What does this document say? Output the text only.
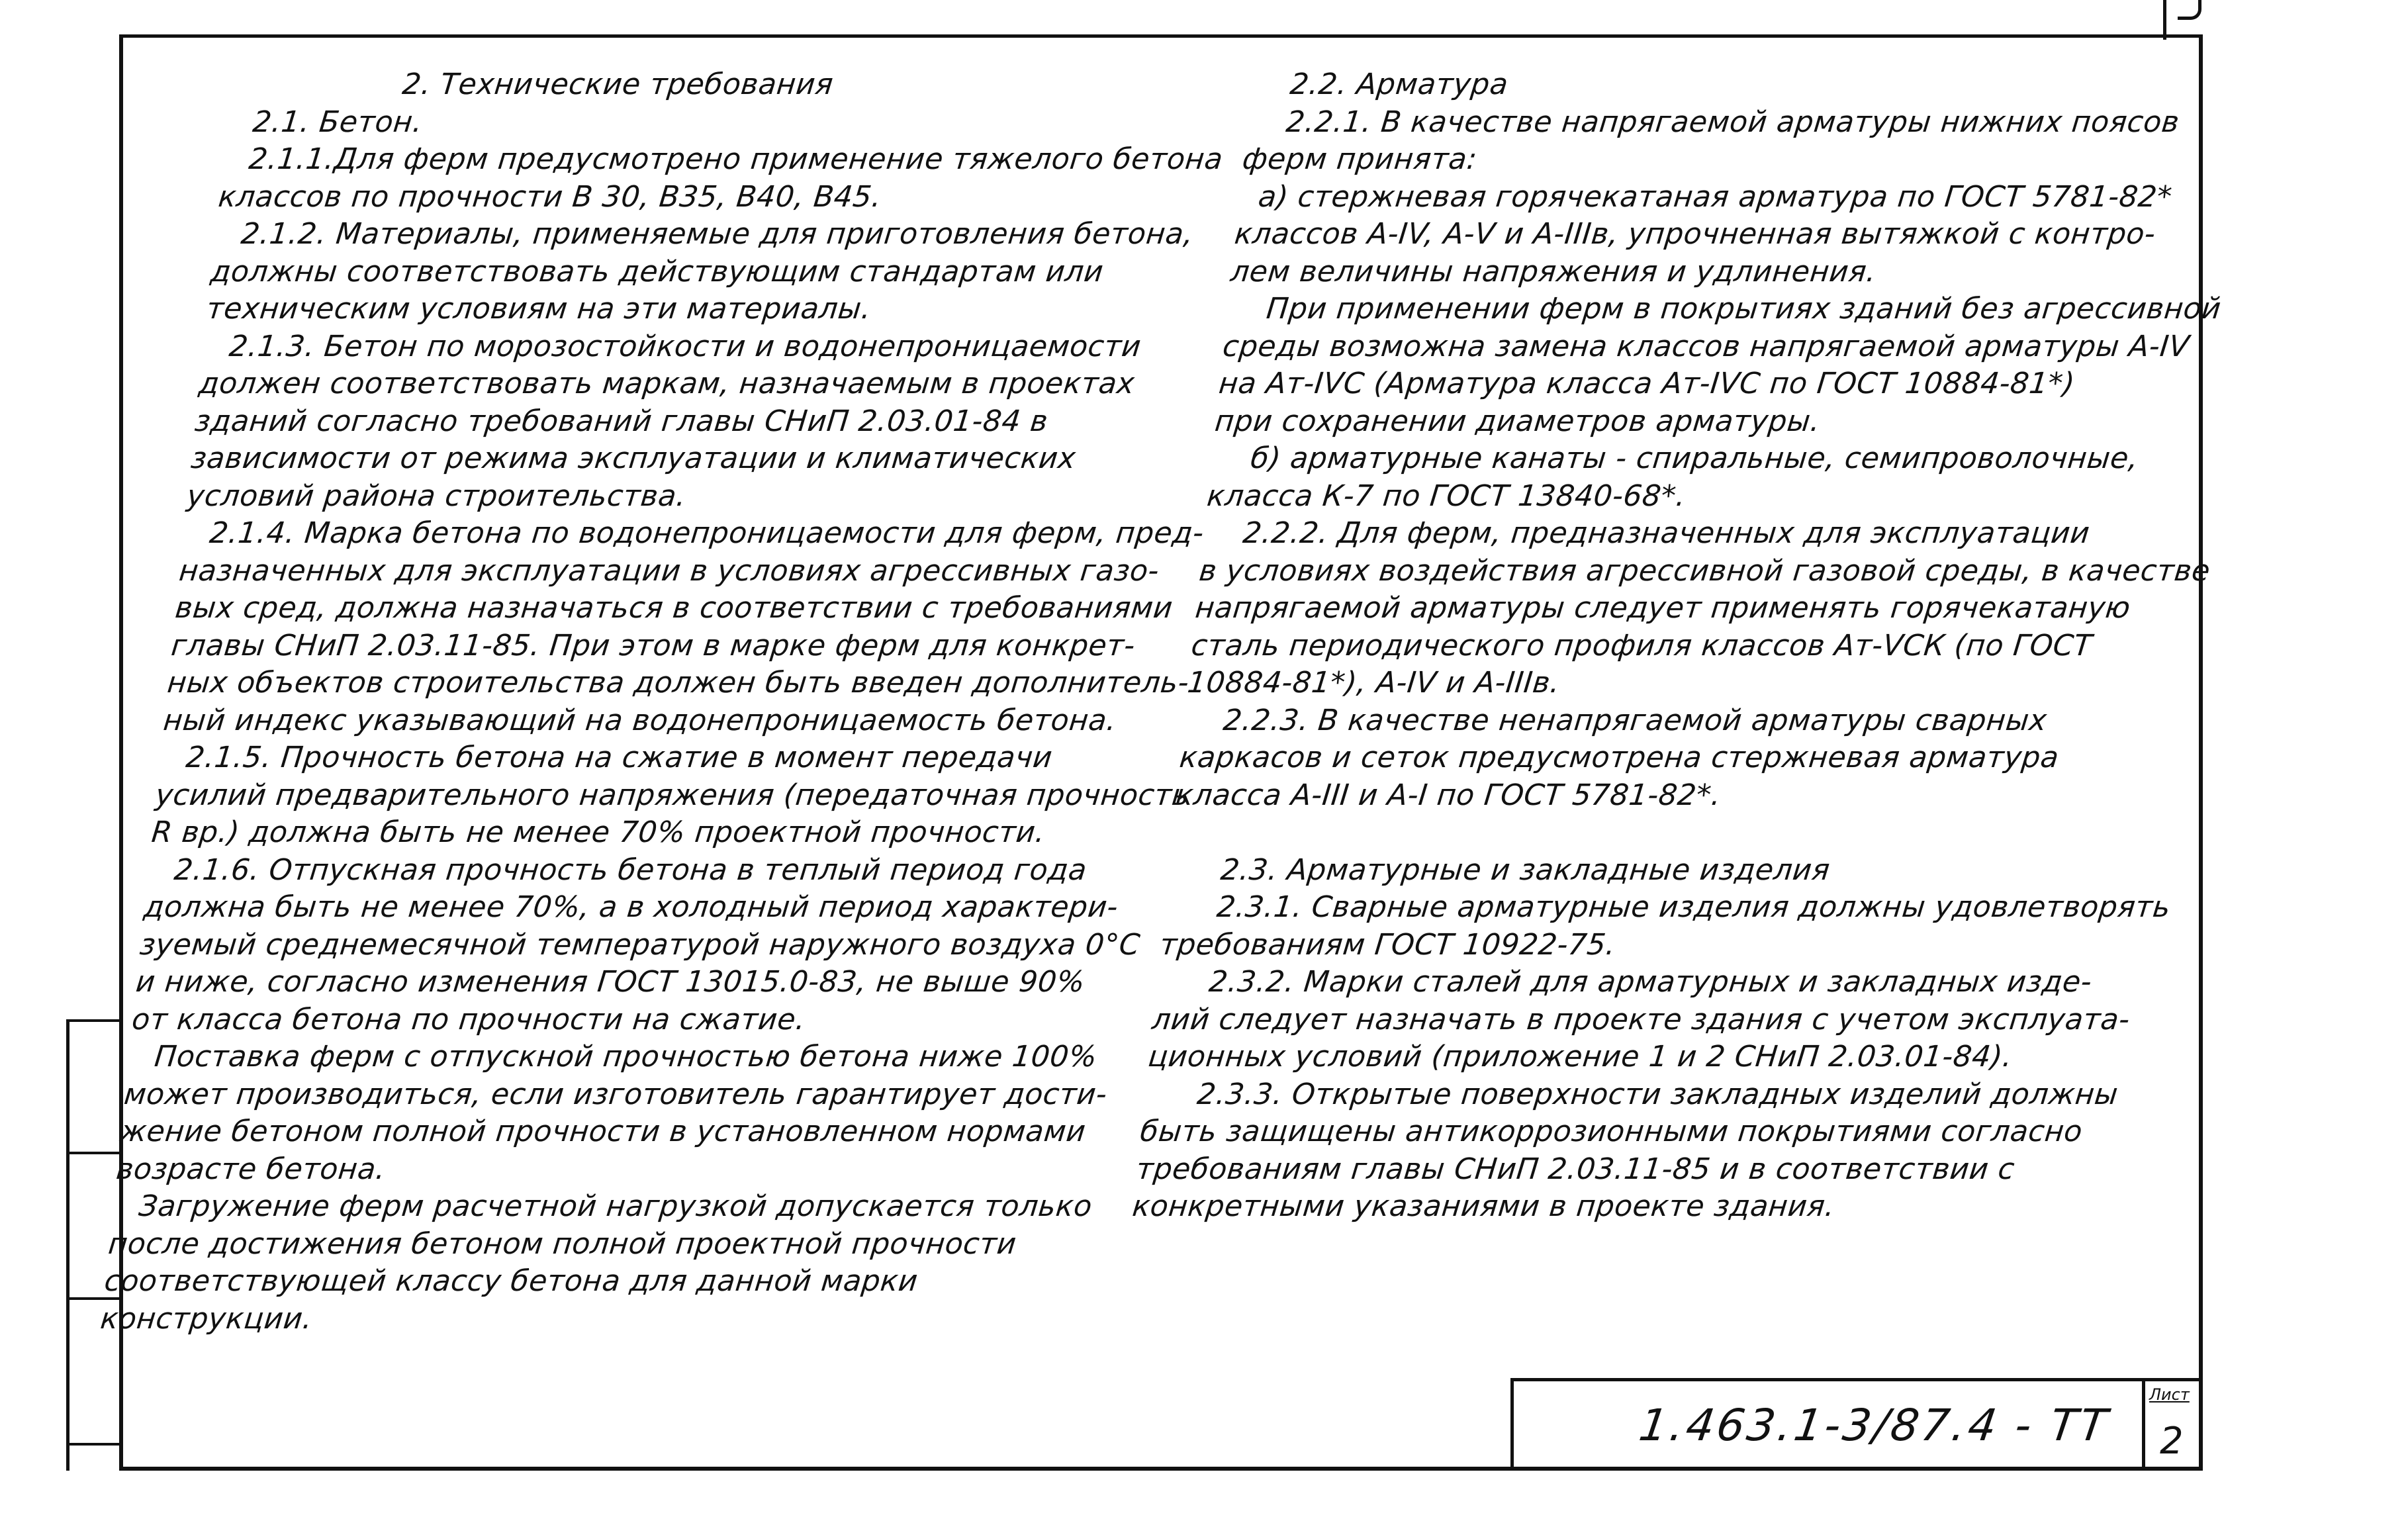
2. Технические требования
2.1. Бетон.
2.1.1.Для ферм предусмотрено применение тяжелого бетона
классов по прочности В 30, В35, В40, В45.
2.1.2. Материалы, применяемые для приготовления бетона,
должны соответствовать действующим стандартам или
техническим условиям на эти материалы.
2.1.3. Бетон по морозостойкости и водонепроницаемости
должен соответствовать маркам, назначаемым в проектах
зданий согласно требований главы СНиП 2.03.01-84 в
зависимости от режима эксплуатации и климатических
условий района строительства.
2.1.4. Марка бетона по водонепроницаемости для ферм, пред-
назначенных для эксплуатации в условиях агрессивных газо-
вых сред, должна назначаться в соответствии с требованиями
главы СНиП 2.03.11-85. При этом в марке ферм для конкрет-
ных объектов строительства должен быть введен дополнитель-
ный индекс указывающий на водонепроницаемость бетона.
2.1.5. Прочность бетона на сжатие в момент передачи
усилий предварительного напряжения (передаточная прочность
R вр.) должна быть не менее 70% проектной прочности.
2.1.6. Отпускная прочность бетона в теплый период года
должна быть не менее 70%, а в холодный период характери-
зуемый среднемесячной температурой наружного воздуха 0°С
и ниже, согласно изменения ГОСТ 13015.0-83, не выше 90%
от класса бетона по прочности на сжатие.
Поставка ферм с отпускной прочностью бетона ниже 100%
может производиться, если изготовитель гарантирует дости-
жение бетоном полной прочности в установленном нормами
возрасте бетона.
Загружение ферм расчетной нагрузкой допускается только
после достижения бетоном полной проектной прочности
соответствующей классу бетона для данной марки
конструкции.
2.2. Арматура
2.2.1. В качестве напрягаемой арматуры нижних поясов
ферм принята:
а) стержневая горячекатаная арматура по ГОСТ 5781-82*
классов А-IV, А-V и А-IIIв, упрочненная вытяжкой с контро-
лем величины напряжения и удлинения.
При применении ферм в покрытиях зданий без агрессивной
среды возможна замена классов напрягаемой арматуры А-IV
на Ат-IVС (Арматура класса Ат-IVС по ГОСТ 10884-81*)
при сохранении диаметров арматуры.
б) арматурные канаты - спиральные, семипроволочные,
класса К-7 по ГОСТ 13840-68*.
2.2.2. Для ферм, предназначенных для эксплуатации
в условиях воздействия агрессивной газовой среды, в качестве
напрягаемой арматуры следует применять горячекатаную
сталь периодического профиля классов Ат-VСК (по ГОСТ
10884-81*), А-IV и А-IIIв.
2.2.3. В качестве ненапрягаемой арматуры сварных
каркасов и сеток предусмотрена стержневая арматура
класса А-III и А-I по ГОСТ 5781-82*.
2.3. Арматурные и закладные изделия
2.3.1. Сварные арматурные изделия должны удовлетворять
требованиям ГОСТ 10922-75.
2.3.2. Марки сталей для арматурных и закладных изде-
лий следует назначать в проекте здания с учетом эксплуата-
ционных условий (приложение 1 и 2 СНиП 2.03.01-84).
2.3.3. Открытые поверхности закладных изделий должны
быть защищены антикоррозионными покрытиями согласно
требованиям главы СНиП 2.03.11-85 и в соответствии с
конкретными указаниями в проекте здания.
1.463.1-3/87.4 - ТТ
Лист
2
